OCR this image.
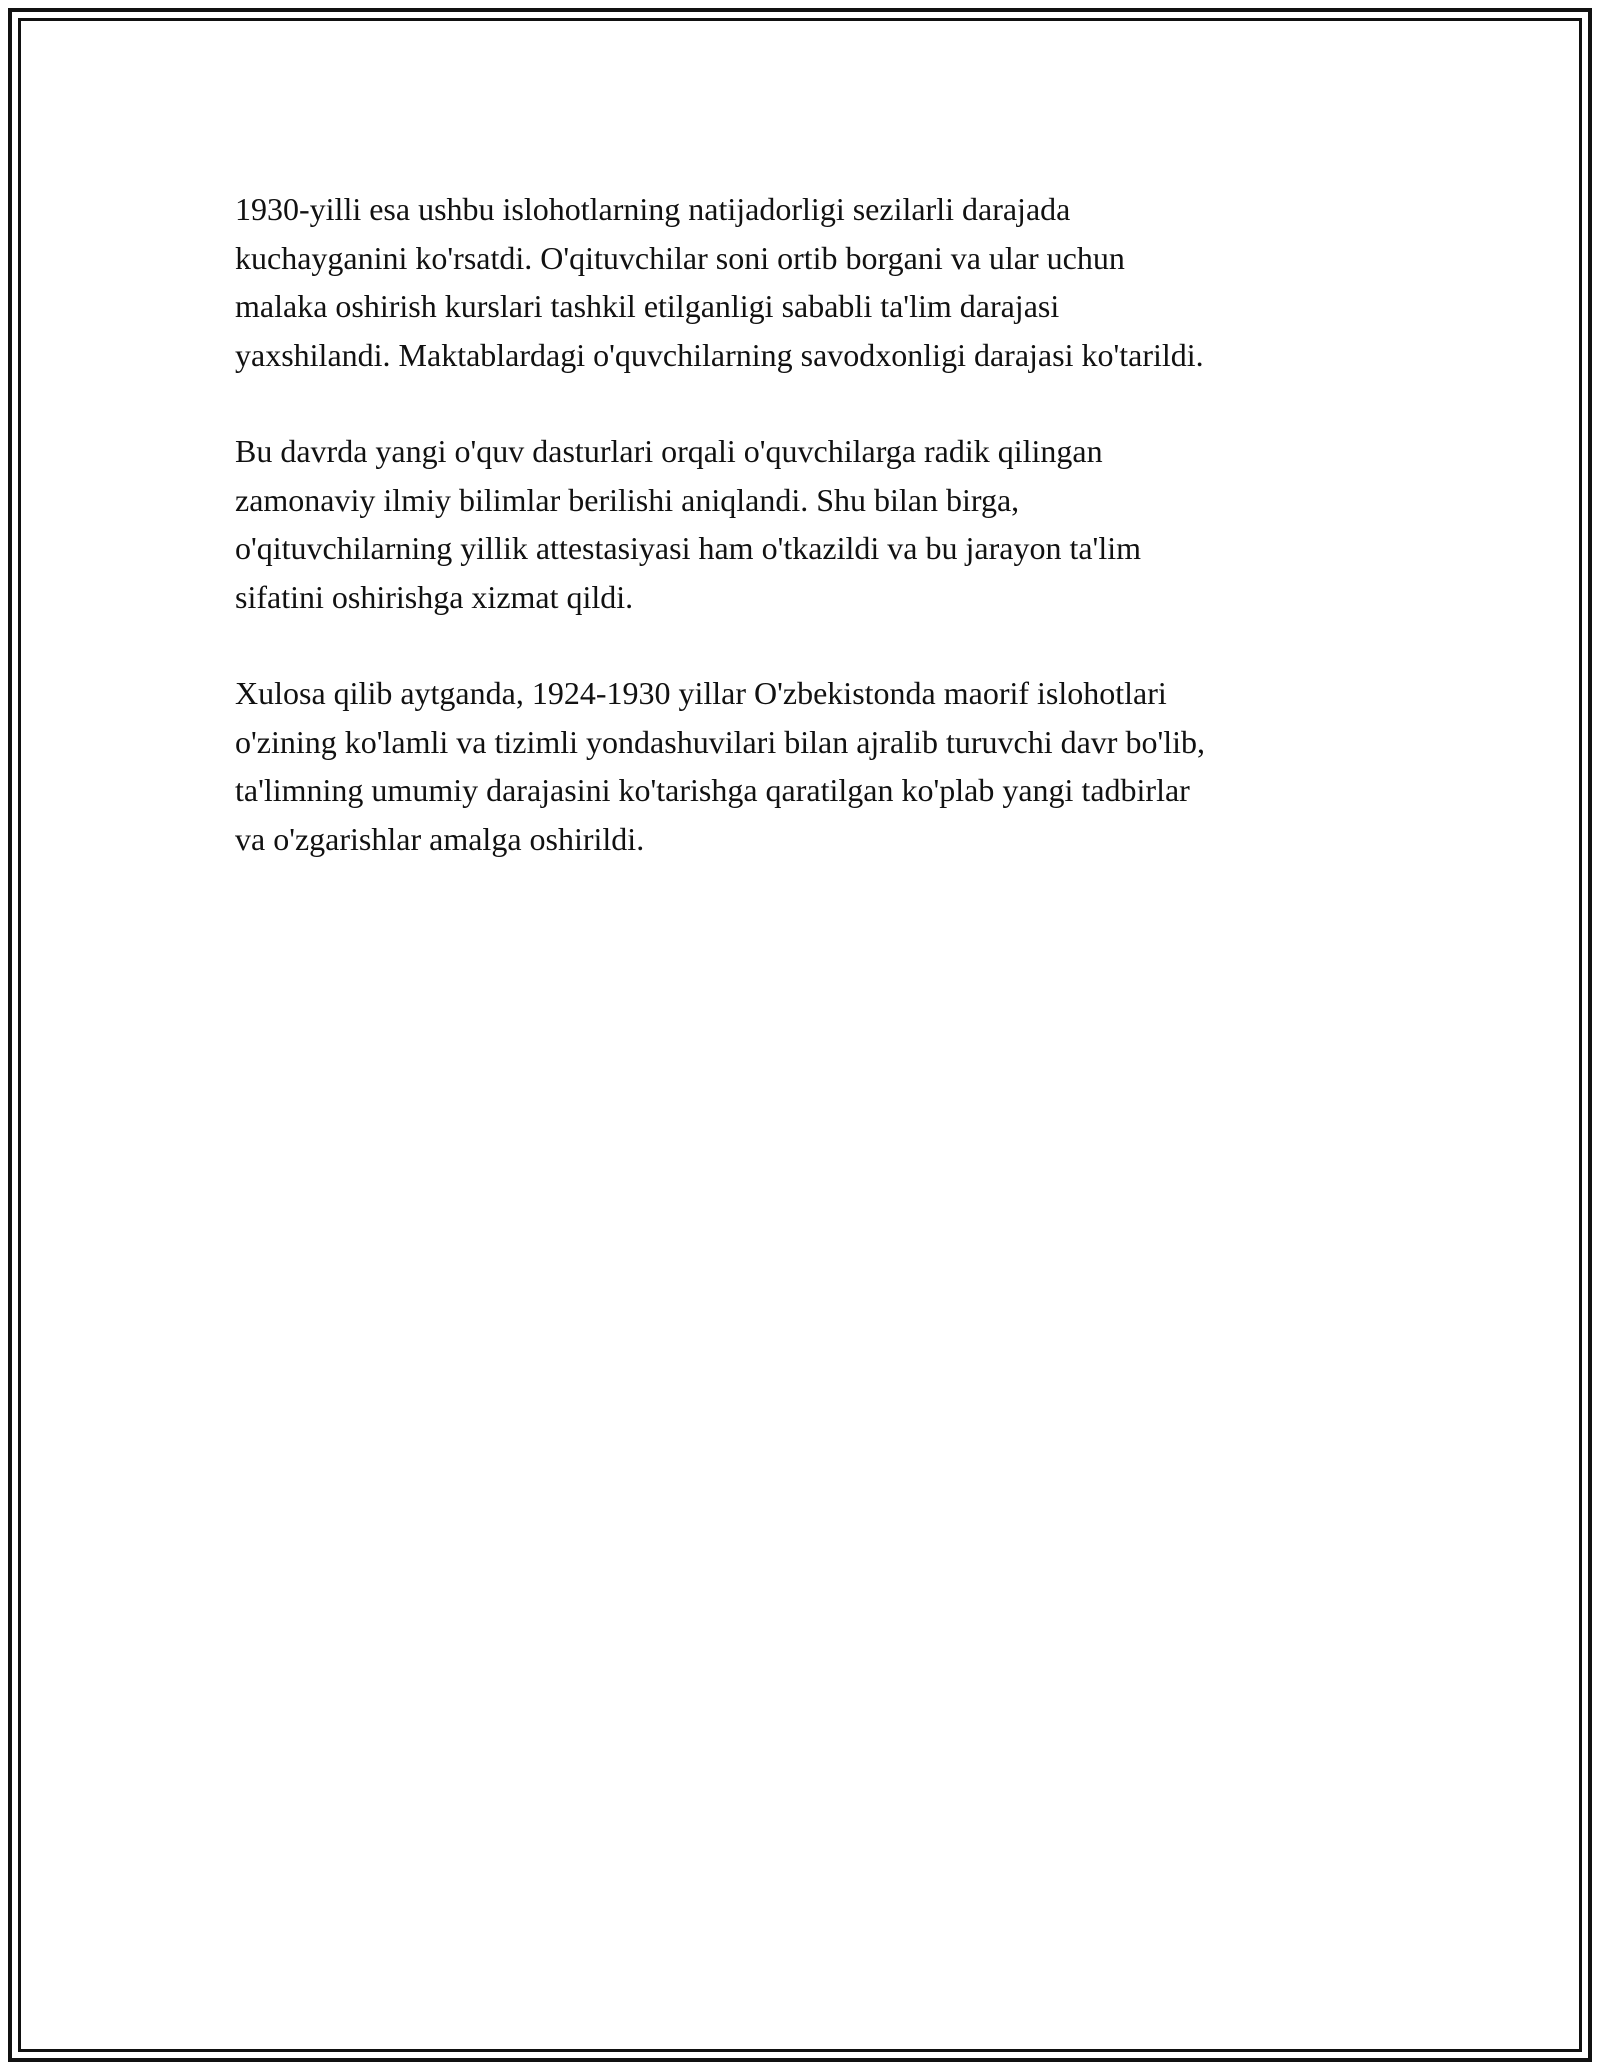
1930-yilli esa ushbu islohotlarning natijadorligi sezilarli darajada
kuchayganini ko'rsatdi. O'qituvchilar soni ortib borgani va ular uchun
malaka oshirish kurslari tashkil etilganligi sababli ta'lim darajasi
yaxshilandi. Maktablardagi o'quvchilarning savodxonligi darajasi ko'tarildi.

Bu davrda yangi o'quv dasturlari orqali o'quvchilarga radik qilingan
zamonaviy ilmiy bilimlar berilishi aniqlandi. Shu bilan birga,
o'qituvchilarning yillik attestasiyasi ham o'tkazildi va bu jarayon ta'lim
sifatini oshirishga xizmat qildi.

Xulosa qilib aytganda, 1924-1930 yillar O'zbekistonda maorif islohotlari
o'zining ko'lamli va tizimli yondashuvilari bilan ajralib turuvchi davr bo'lib,
ta'limning umumiy darajasini ko'tarishga qaratilgan ko'plab yangi tadbirlar
va o'zgarishlar amalga oshirildi.
